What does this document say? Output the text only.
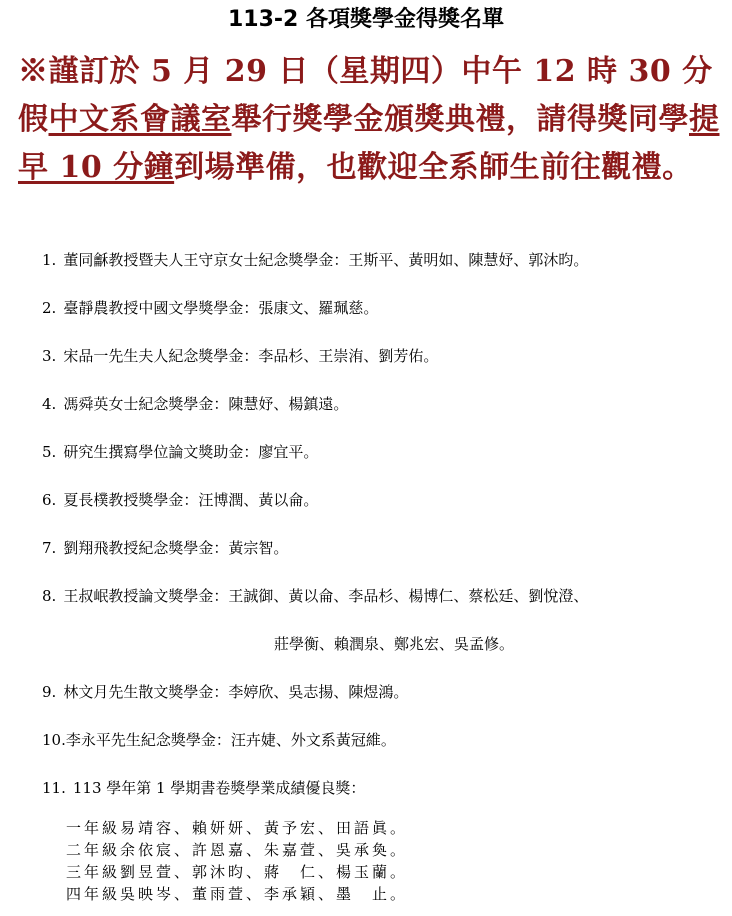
113-2 各項獎學金得獎名單
※謹訂於 5 月 29 日（星期四）中午 12 時 30 分假中文系會議室舉行獎學金頒獎典禮，請得獎同學提早 10 分鐘到場準備，也歡迎全系師生前往觀禮。
1. 董同龢教授暨夫人王守京女士紀念獎學金：王斯平、黃明如、陳慧妤、郭沐昀。
2. 臺靜農教授中國文學獎學金：張康文、羅珮慈。
3. 宋品一先生夫人紀念獎學金：李品杉、王崇洧、劉芳佑。
4. 馮舜英女士紀念獎學金：陳慧妤、楊鎮遠。
5. 研究生撰寫學位論文獎助金：廖宜平。
6. 夏長樸教授獎學金：汪博潤、黃以侖。
7. 劉翔飛教授紀念獎學金：黃宗智。
8. 王叔岷教授論文獎學金：王誠御、黃以侖、李品杉、楊博仁、蔡松廷、劉悅澄、
莊學衡、賴潤泉、鄭兆宏、吳孟修。
9. 林文月先生散文獎學金：李婷欣、吳志揚、陳煜鴻。
10.李永平先生紀念獎學金：汪卉婕、外文系黃冠維。
11. 113 學年第 1 學期書卷獎學業成績優良獎：
一年級易靖容、賴妍妍、黃予宏、田語眞。
二年級余依宸、許恩嘉、朱嘉萱、吳承奐。
三年級劉昱萱、郭沐昀、蔣　仁、楊玉蘭。
四年級吳映岑、董雨萱、李承穎、墨　止。
